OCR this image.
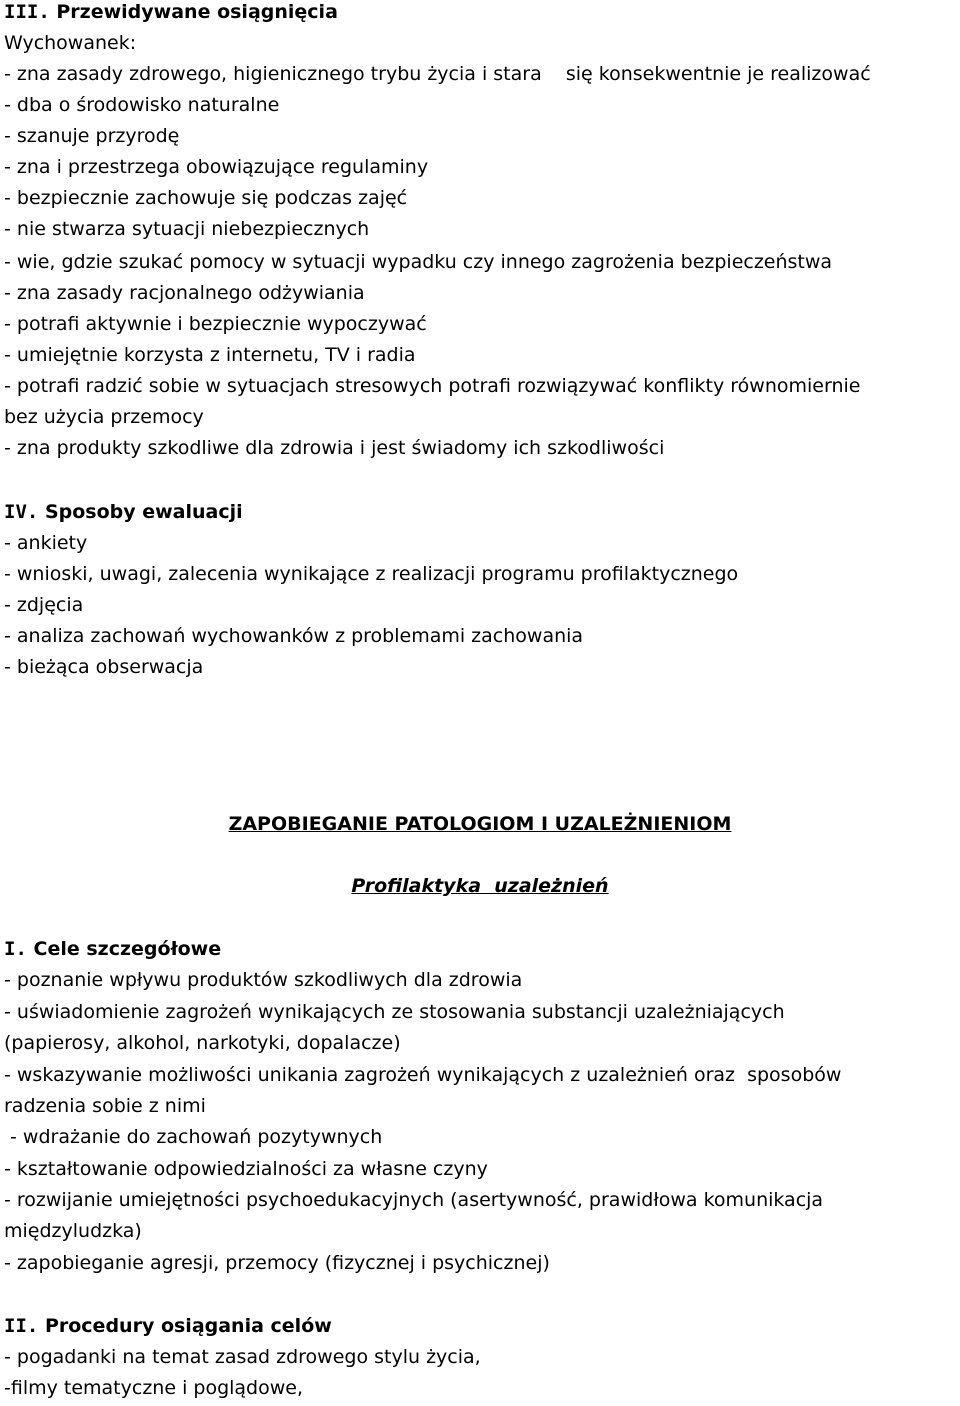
III. Przewidywane osiągnięcia
Wychowanek:
- zna zasady zdrowego, higienicznego trybu życia i stara    się konsekwentnie je realizować
- dba o środowisko naturalne
- szanuje przyrodę
- zna i przestrzega obowiązujące regulaminy
- bezpiecznie zachowuje się podczas zajęć
- nie stwarza sytuacji niebezpiecznych
- wie, gdzie szukać pomocy w sytuacji wypadku czy innego zagrożenia bezpieczeństwa
- zna zasady racjonalnego odżywiania
- potrafi aktywnie i bezpiecznie wypoczywać
- umiejętnie korzysta z internetu, TV i radia
- potrafi radzić sobie w sytuacjach stresowych potrafi rozwiązywać konflikty równomiernie
bez użycia przemocy
- zna produkty szkodliwe dla zdrowia i jest świadomy ich szkodliwości
IV. Sposoby ewaluacji
- ankiety
- wnioski, uwagi, zalecenia wynikające z realizacji programu profilaktycznego
- zdjęcia
- analiza zachowań wychowanków z problemami zachowania
- bieżąca obserwacja
ZAPOBIEGANIE PATOLOGIOM I UZALEŻNIENIOM
Profilaktyka  uzależnień
I. Cele szczegółowe
- poznanie wpływu produktów szkodliwych dla zdrowia
- uświadomienie zagrożeń wynikających ze stosowania substancji uzależniających
(papierosy, alkohol, narkotyki, dopalacze)
- wskazywanie możliwości unikania zagrożeń wynikających z uzależnień oraz  sposobów
radzenia sobie z nimi
- wdrażanie do zachowań pozytywnych
- kształtowanie odpowiedzialności za własne czyny
- rozwijanie umiejętności psychoedukacyjnych (asertywność, prawidłowa komunikacja
międzyludzka)
- zapobieganie agresji, przemocy (fizycznej i psychicznej)
II. Procedury osiągania celów
- pogadanki na temat zasad zdrowego stylu życia,
-filmy tematyczne i poglądowe,
